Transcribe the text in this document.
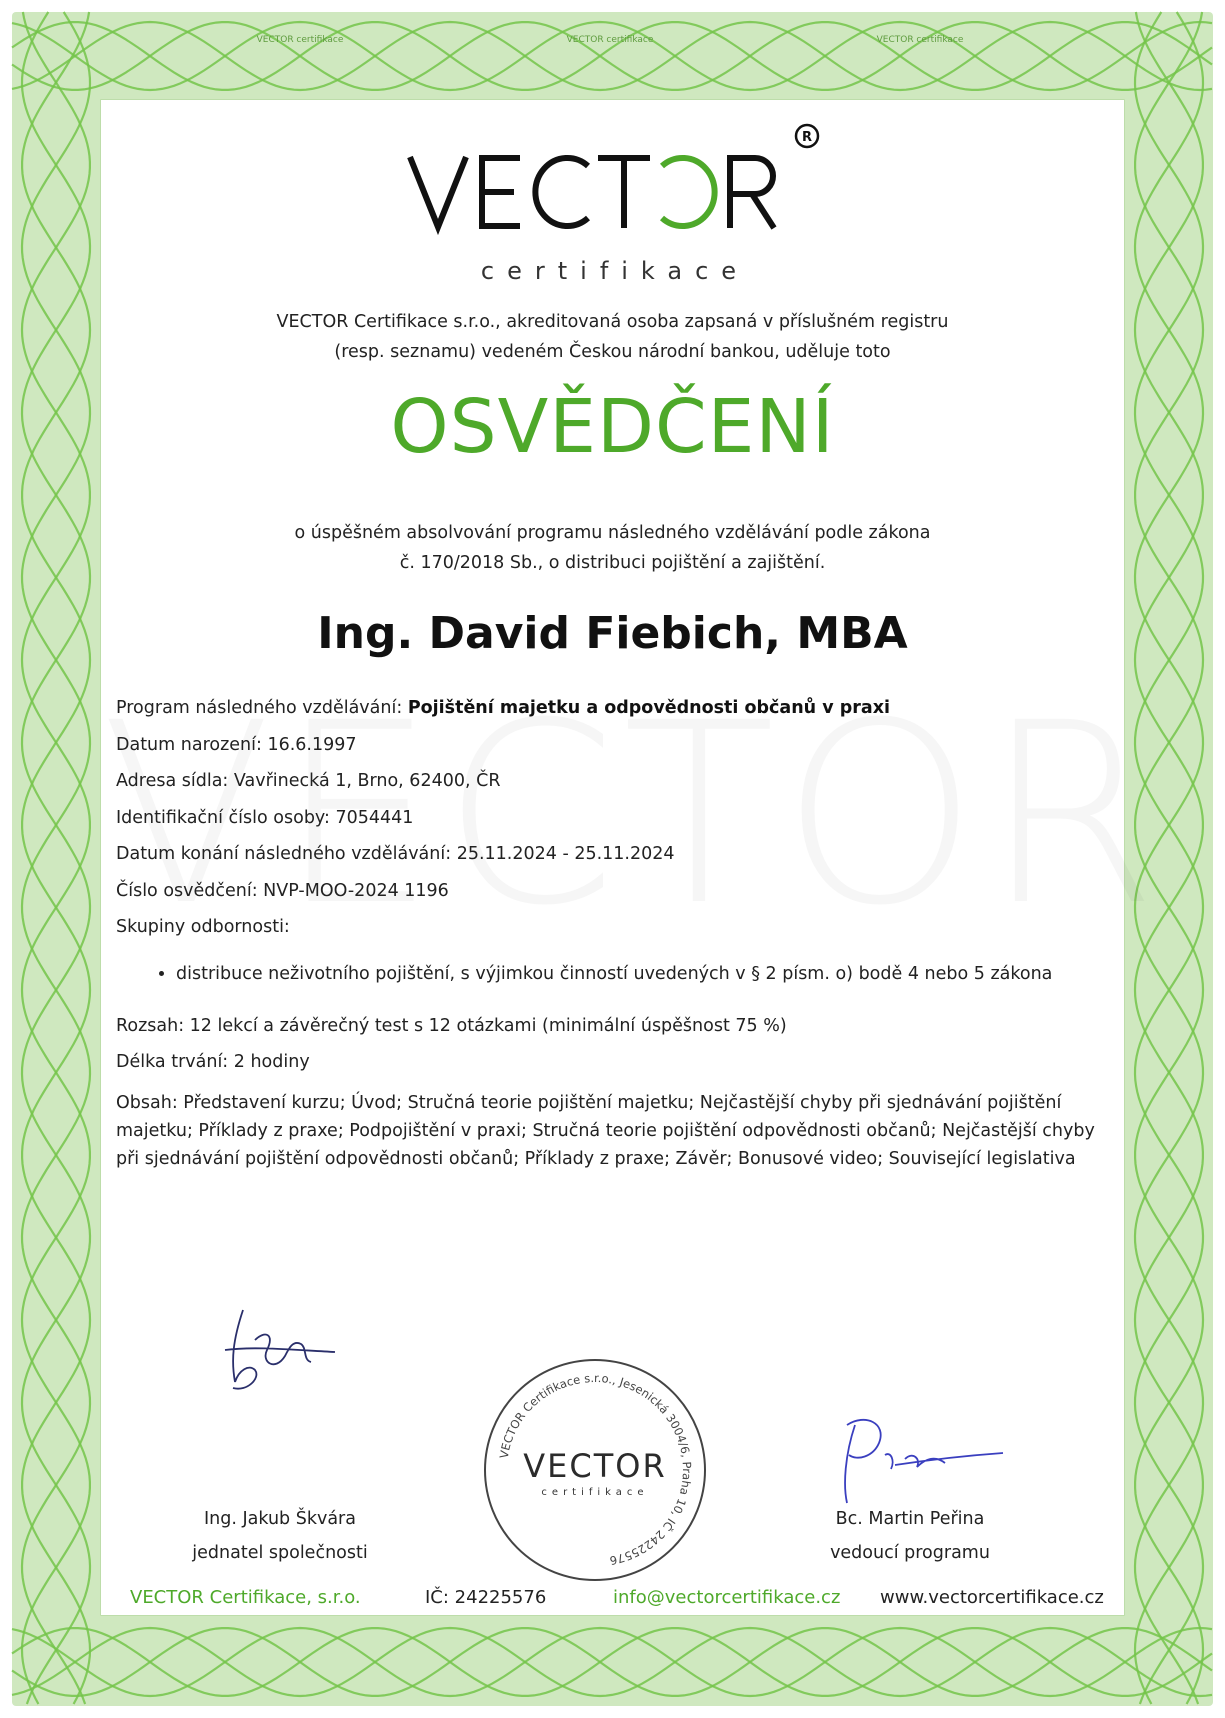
VECTOR certifikace	VECTOR certifikace	VECTOR certifikace
R
certifikace
VECTOR Certifikace s.r.o., akreditovaná osoba zapsaná v příslušném registru
(resp. seznamu) vedeném Českou národní bankou, uděluje toto
OSVĚDČENÍ
o úspěšném absolvování programu následného vzdělávání podle zákona
č. 170/2018 Sb., o distribuci pojištění a zajištění.
Ing. David Fiebich, MBA
Program následného vzdělávání: Pojištění majetku a odpovědnosti občanů v praxi
Datum narození: 16.6.1997
Adresa sídla: Vavřinecká 1, Brno, 62400, ČR
Identifikační číslo osoby: 7054441
Datum konání následného vzdělávání: 25.11.2024 - 25.11.2024
Číslo osvědčení: NVP-MOO-2024 1196
Skupiny odbornosti:
• distribuce neživotního pojištění, s výjimkou činností uvedených v § 2 písm. o) bodě 4 nebo 5 zákona
Rozsah: 12 lekcí a závěrečný test s 12 otázkami (minimální úspěšnost 75 %)
Délka trvání: 2 hodiny
Obsah: Představení kurzu; Úvod; Stručná teorie pojištění majetku; Nejčastější chyby při sjednávání pojištění majetku; Příklady z praxe; Podpojištění v praxi; Stručná teorie pojištění odpovědnosti občanů; Nejčastější chyby při sjednávání pojištění odpovědnosti občanů; Příklady z praxe; Závěr; Bonusové video; Související legislativa
Ing. Jakub Škvára
jednatel společnosti
Bc. Martin Peřina
vedoucí programu
VECTOR Certifikace s.r.o., Jesenická 3004/6, Praha 10, IČ 24225576
VECTOR
certifikace
VECTOR Certifikace, s.r.o.	IČ: 24225576	info@vectorcertifikace.cz www.vectorcertifikace.cz
